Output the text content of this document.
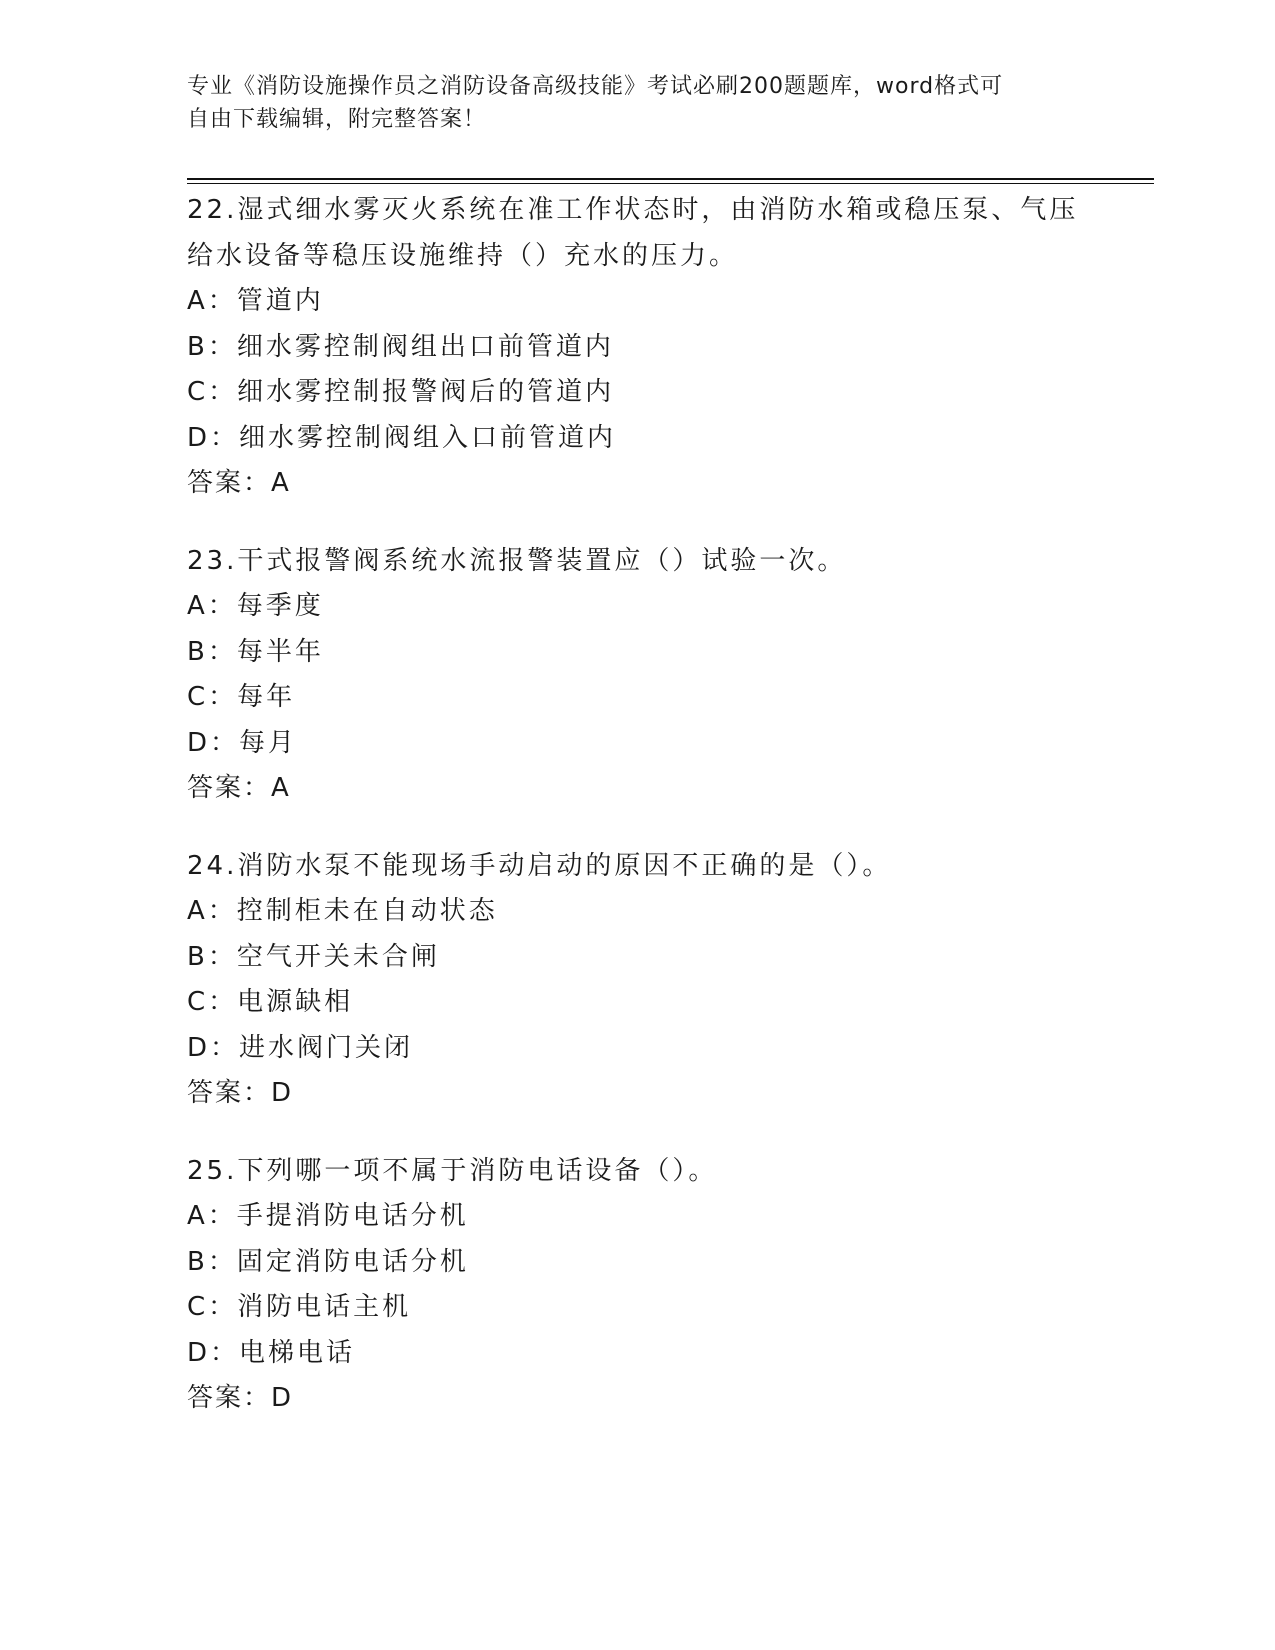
专业《消防设施操作员之消防设备高级技能》考试必刷200题题库，word格式可
自由下载编辑，附完整答案！
22.湿式细水雾灭火系统在准工作状态时，由消防水箱或稳压泵、气压
给水设备等稳压设施维持（）充水的压力。
A：管道内
B：细水雾控制阀组出口前管道内
C：细水雾控制报警阀后的管道内
D：细水雾控制阀组入口前管道内
答案：A
23.干式报警阀系统水流报警装置应（）试验一次。
A：每季度
B：每半年
C：每年
D：每月
答案：A
24.消防水泵不能现场手动启动的原因不正确的是（）。
A：控制柜未在自动状态
B：空气开关未合闸
C：电源缺相
D：进水阀门关闭
答案：D
25.下列哪一项不属于消防电话设备（）。
A：手提消防电话分机
B：固定消防电话分机
C：消防电话主机
D：电梯电话
答案：D
